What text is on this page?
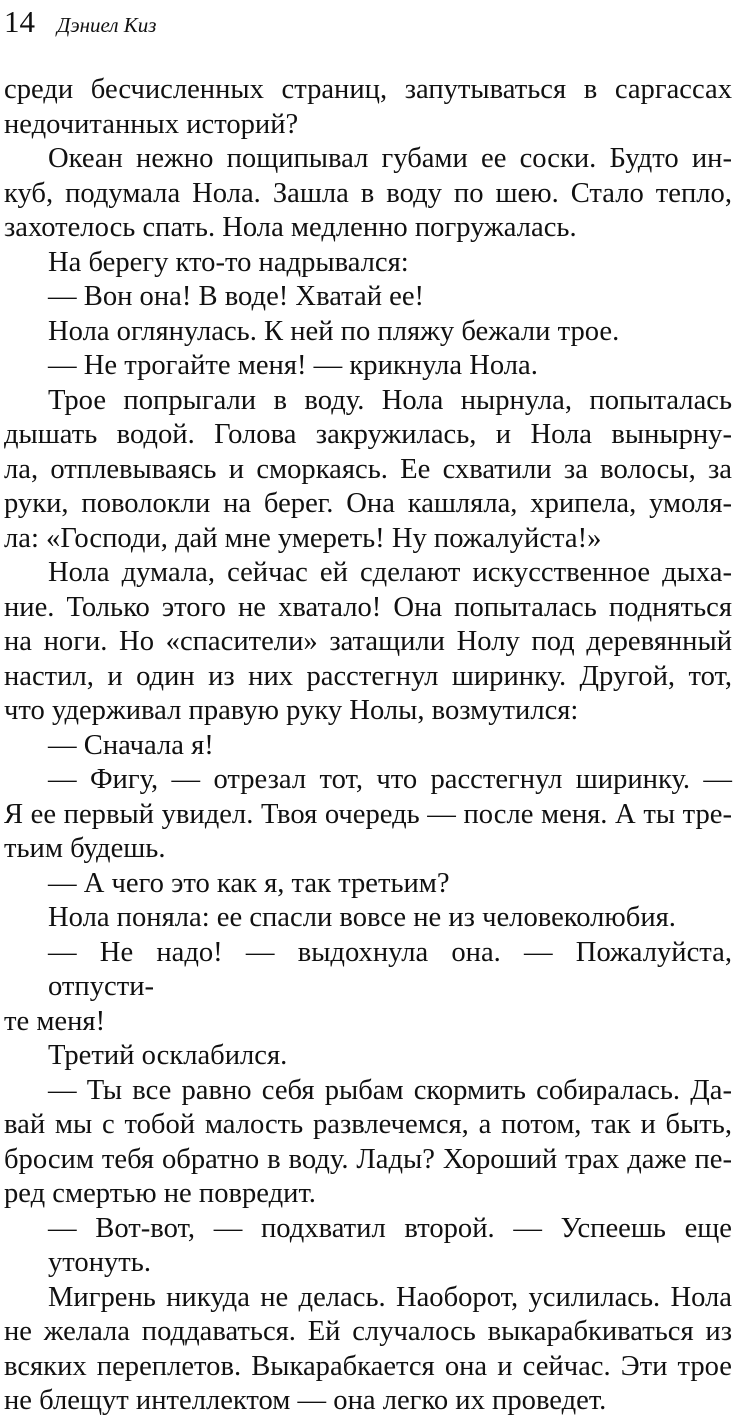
14 Дэниел Киз
среди бесчисленных страниц, запутываться в саргассах
недочитанных историй?
Океан нежно пощипывал губами ее соски. Будто ин-
куб, подумала Нола. Зашла в воду по шею. Стало тепло,
захотелось спать. Нола медленно погружалась.
На берегу кто-то надрывался:
— Вон она! В воде! Хватай ее!
Нола оглянулась. К ней по пляжу бежали трое.
— Не трогайте меня! — крикнула Нола.
Трое попрыгали в воду. Нола нырнула, попыталась
дышать водой. Голова закружилась, и Нола вынырну-
ла, отплевываясь и сморкаясь. Ее схватили за волосы, за
руки, поволокли на берег. Она кашляла, хрипела, умоля-
ла: «Господи, дай мне умереть! Ну пожалуйста!»
Нола думала, сейчас ей сделают искусственное дыха-
ние. Только этого не хватало! Она попыталась подняться
на ноги. Но «спасители» затащили Нолу под деревянный
настил, и один из них расстегнул ширинку. Другой, тот,
что удерживал правую руку Нолы, возмутился:
— Сначала я!
— Фигу, — отрезал тот, что расстегнул ширинку. —
Я ее первый увидел. Твоя очередь — после меня. А ты тре-
тьим будешь.
— А чего это как я, так третьим?
Нола поняла: ее спасли вовсе не из человеколюбия.
— Не надо! — выдохнула она. — Пожалуйста, отпусти-
те меня!
Третий осклабился.
— Ты все равно себя рыбам скормить собиралась. Да-
вай мы с тобой малость развлечемся, а потом, так и быть,
бросим тебя обратно в воду. Лады? Хороший трах даже пе-
ред смертью не повредит.
— Вот-вот, — подхватил второй. — Успеешь еще утонуть.
Мигрень никуда не делась. Наоборот, усилилась. Нола
не желала поддаваться. Ей случалось выкарабкиваться из
всяких переплетов. Выкарабкается она и сейчас. Эти трое
не блещут интеллектом — она легко их проведет.
